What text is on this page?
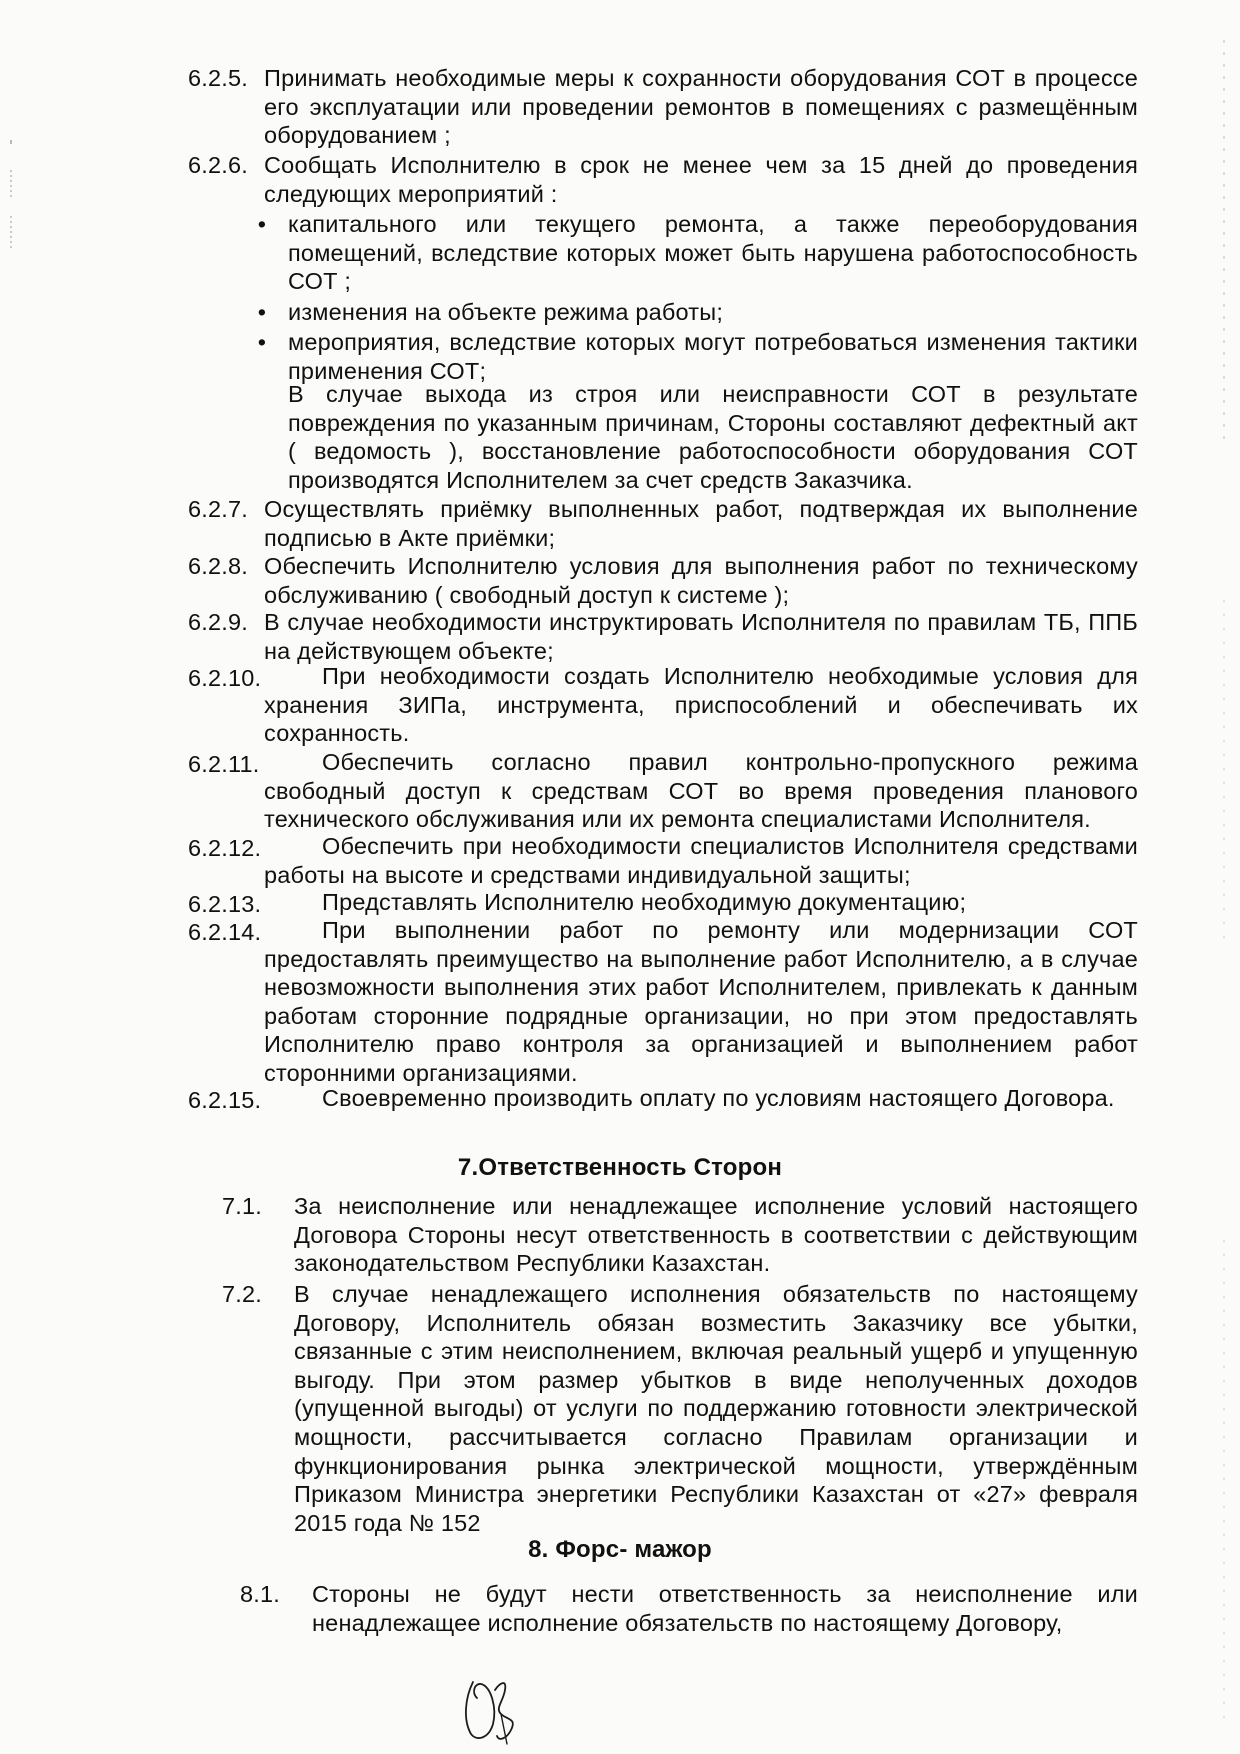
6.2.5. Принимать необходимые меры к сохранности оборудования СОТ в процессе его эксплуатации или проведении ремонтов в помещениях с размещённым оборудованием ;
6.2.6. Сообщать Исполнителю в срок не менее чем за 15 дней до проведения следующих мероприятий :
• капитального или текущего ремонта, а также переоборудования помещений, вследствие которых может быть нарушена работоспособность СОТ ;
• изменения на объекте режима работы;
• мероприятия, вследствие которых могут потребоваться изменения тактики применения СОТ;
В случае выхода из строя или неисправности СОТ в результате повреждения по указанным причинам, Стороны составляют дефектный акт ( ведомость ), восстановление работоспособности оборудования СОТ производятся Исполнителем за счет средств Заказчика.
6.2.7. Осуществлять приёмку выполненных работ, подтверждая их выполнение подписью в Акте приёмки;
6.2.8. Обеспечить Исполнителю условия для выполнения работ по техническому обслуживанию ( свободный доступ к системе );
6.2.9. В случае необходимости инструктировать Исполнителя по правилам ТБ, ППБ на действующем объекте;
6.2.10.	При необходимости создать Исполнителю необходимые условия для хранения ЗИПа, инструмента, приспособлений и обеспечивать их сохранность.
6.2.11.	Обеспечить согласно правил контрольно-пропускного режима свободный доступ к средствам СОТ во время проведения планового технического обслуживания или их ремонта специалистами Исполнителя.
6.2.12.	Обеспечить при необходимости специалистов Исполнителя средствами работы на высоте и средствами индивидуальной защиты;
6.2.13.	Представлять Исполнителю необходимую документацию;
6.2.14.	При выполнении работ по ремонту или модернизации СОТ предоставлять преимущество на выполнение работ Исполнителю, а в случае невозможности выполнения этих работ Исполнителем, привлекать к данным работам сторонние подрядные организации, но при этом предоставлять Исполнителю право контроля за организацией и выполнением работ сторонними организациями.
6.2.15.	Своевременно производить оплату по условиям настоящего Договора.
7.Ответственность Сторон
7.1. За неисполнение или ненадлежащее исполнение условий настоящего Договора Стороны несут ответственность в соответствии с действующим законодательством Республики Казахстан.
7.2. В случае ненадлежащего исполнения обязательств по настоящему Договору, Исполнитель обязан возместить Заказчику все убытки, связанные с этим неисполнением, включая реальный ущерб и упущенную выгоду. При этом размер убытков в виде неполученных доходов (упущенной выгоды) от услуги по поддержанию готовности электрической мощности, рассчитывается согласно Правилам организации и функционирования рынка электрической мощности, утверждённым Приказом Министра энергетики Республики Казахстан от «27» февраля 2015 года № 152
8. Форс- мажор
8.1. Стороны не будут нести ответственность за неисполнение или ненадлежащее исполнение обязательств по настоящему Договору,
